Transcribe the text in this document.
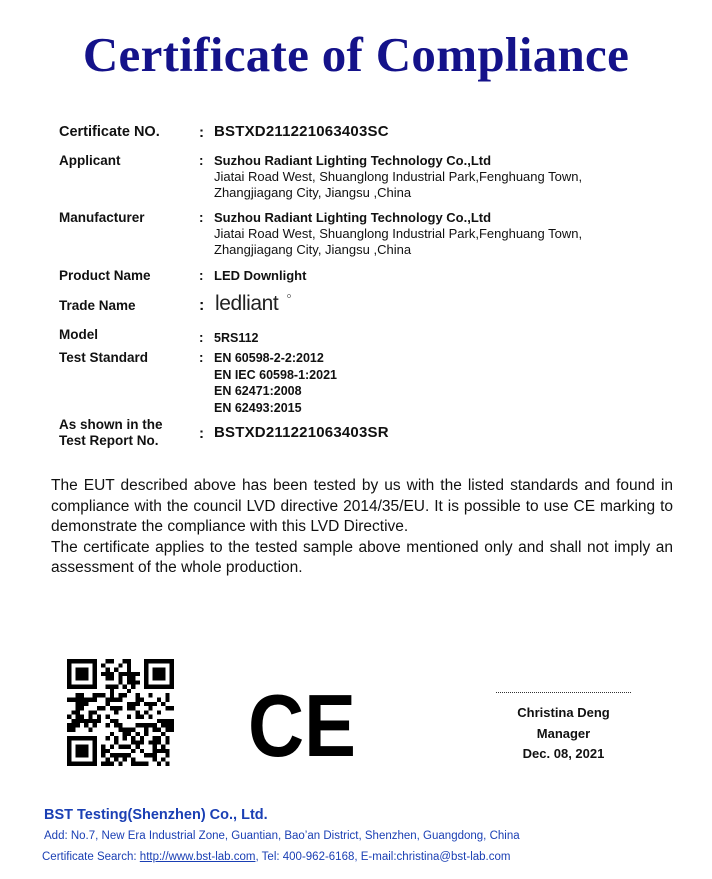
Certificate of Compliance
Certificate NO.	: BSTXD211221063403SC
Applicant	: Suzhou Radiant Lighting Technology Co.,Ltd
Jiatai Road West, Shuanglong Industrial Park,Fenghuang Town,
Zhangjiagang City, Jiangsu ,China
Manufacturer	: Suzhou Radiant Lighting Technology Co.,Ltd
Jiatai Road West, Shuanglong Industrial Park,Fenghuang Town,
Zhangjiagang City, Jiangsu ,China
Product Name	: LED Downlight
Trade Name	: ledliant
Model	: 5RS112
Test Standard	: EN 60598-2-2:2012
EN IEC 60598-1:2021
EN 62471:2008
EN 62493:2015
As shown in the
Test Report No.	: BSTXD211221063403SR

The EUT described above has been tested by us with the listed standards and found in compliance with the council LVD directive 2014/35/EU. It is possible to use CE marking to demonstrate the compliance with this LVD Directive.

The certificate applies to the tested sample above mentioned only and shall not imply an assessment of the whole production.

CE	Christina Deng
Manager
Dec. 08, 2021
BST Testing(Shenzhen) Co., Ltd.
Add: No.7, New Era Industrial Zone, Guantian, Bao’an District, Shenzhen, Guangdong, China
Certificate Search: http://www.bst-lab.com, Tel: 400-962-6168, E-mail:christina@bst-lab.com
